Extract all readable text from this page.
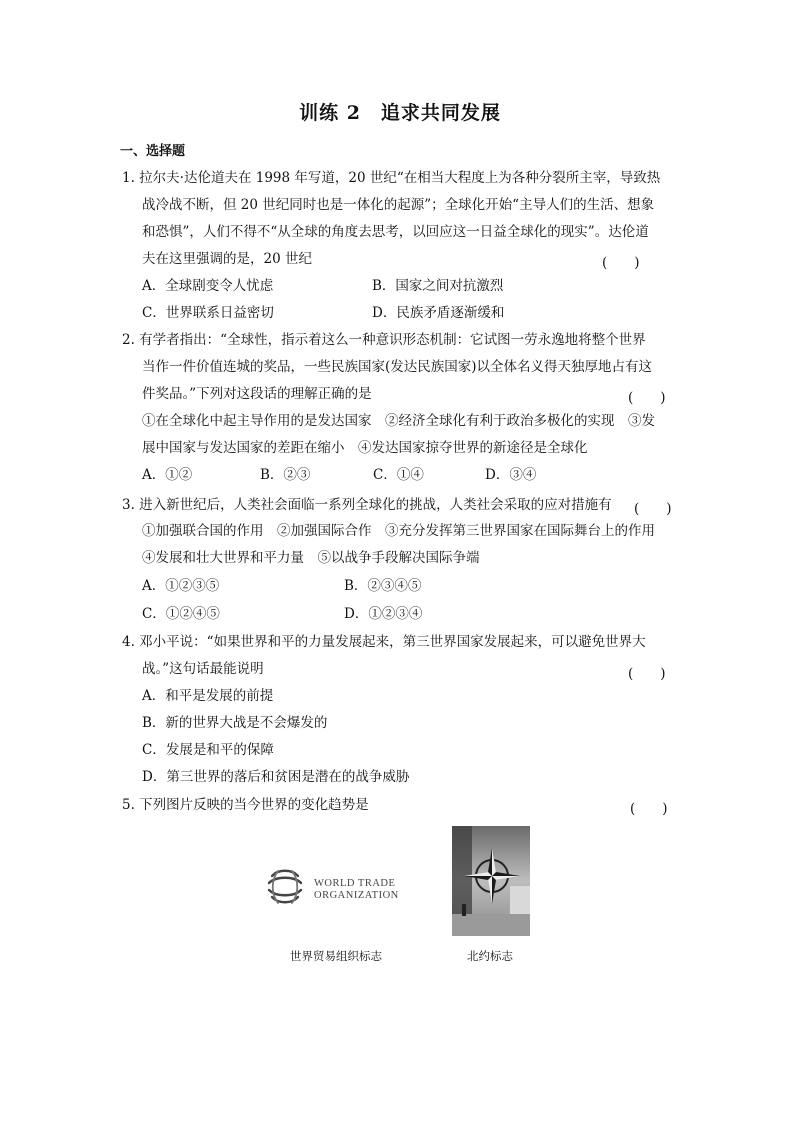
训练 2　追求共同发展
一、选择题
1. 拉尔夫·达伦道夫在 1998 年写道，20 世纪“在相当大程度上为各种分裂所主宰，导致热
战冷战不断，但 20 世纪同时也是一体化的起源”；全球化开始“主导人们的生活、想象
和恐惧”，人们不得不“从全球的角度去思考，以回应这一日益全球化的现实”。达伦道
夫在这里强调的是，20 世纪	(　　)
A．全球剧变令人忧虑	B．国家之间对抗激烈
C．世界联系日益密切	D．民族矛盾逐渐缓和
2. 有学者指出：“全球性，指示着这么一种意识形态机制：它试图一劳永逸地将整个世界
当作一件价值连城的奖品，一些民族国家(发达民族国家)以全体名义得天独厚地占有这
件奖品。”下列对这段话的理解正确的是	(　　)
①在全球化中起主导作用的是发达国家　②经济全球化有利于政治多极化的实现　③发
展中国家与发达国家的差距在缩小　④发达国家掠夺世界的新途径是全球化
A．①②	B．②③	C．①④	D．③④
3. 进入新世纪后，人类社会面临一系列全球化的挑战，人类社会采取的应对措施有 (　　)
①加强联合国的作用　②加强国际合作　③充分发挥第三世界国家在国际舞台上的作用
④发展和壮大世界和平力量　⑤以战争手段解决国际争端
A．①②③⑤	B．②③④⑤
C．①②④⑤	D．①②③④
4. 邓小平说：“如果世界和平的力量发展起来，第三世界国家发展起来，可以避免世界大
战。”这句话最能说明	(　　)
A．和平是发展的前提
B．新的世界大战是不会爆发的
C．发展是和平的保障
D．第三世界的落后和贫困是潜在的战争威胁
5. 下列图片反映的当今世界的变化趋势是	(　　)
WORLD TRADE
ORGANIZATION
世界贸易组织标志	北约标志
